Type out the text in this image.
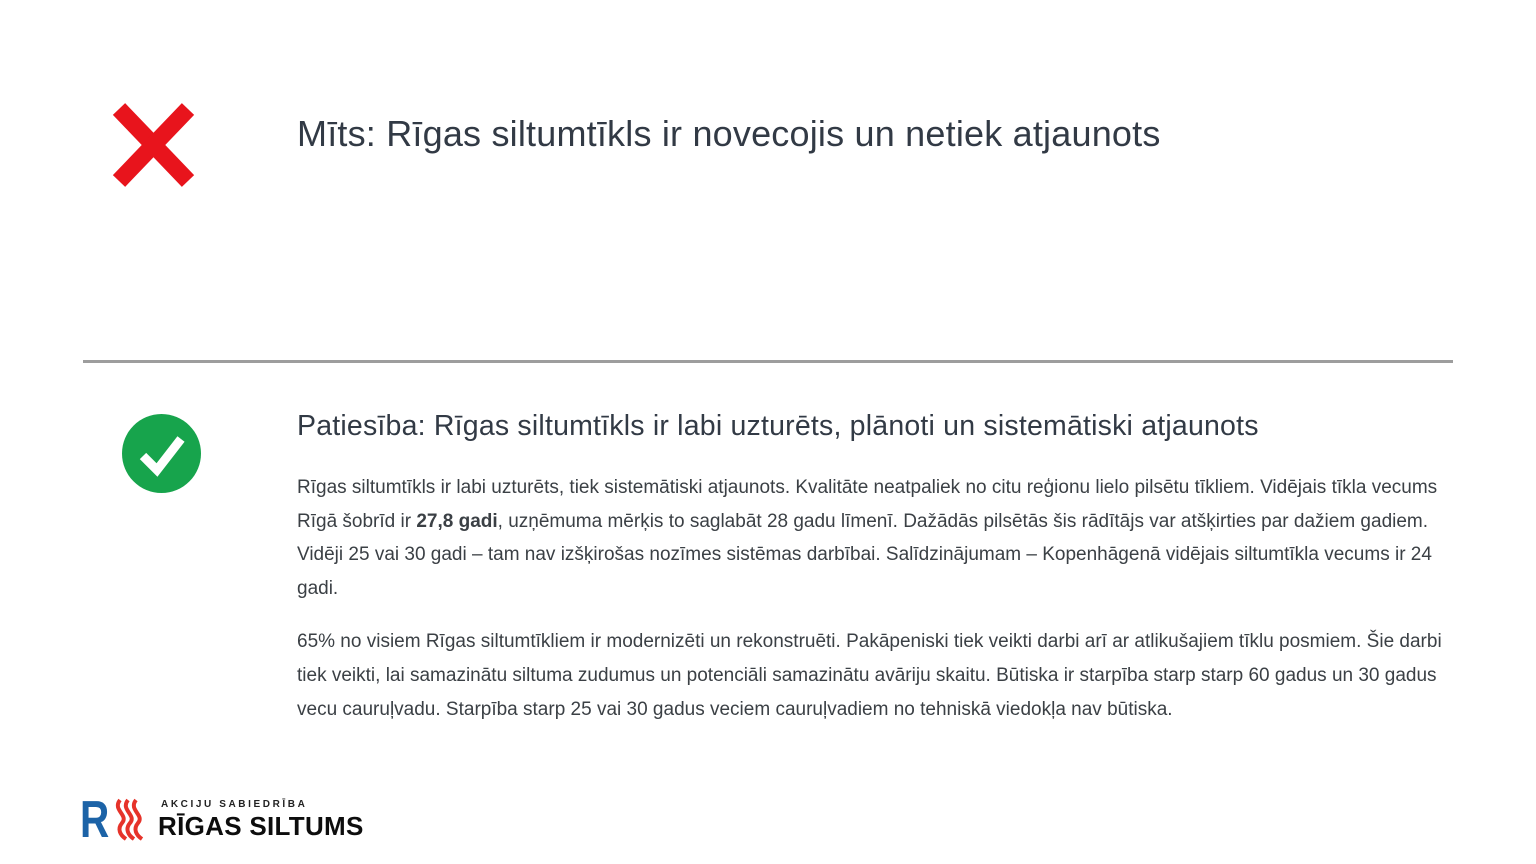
Mīts: Rīgas siltumtīkls ir novecojis un netiek atjaunots
Patiesība: Rīgas siltumtīkls ir labi uzturēts, plānoti un sistemātiski atjaunots

Rīgas siltumtīkls ir labi uzturēts, tiek sistemātiski atjaunots. Kvalitāte neatpaliek no citu reģionu lielo pilsētu tīkliem. Vidējais tīkla vecums Rīgā šobrīd ir 27,8 gadi, uzņēmuma mērķis to saglabāt 28 gadu līmenī. Dažādās pilsētās šis rādītājs var atšķirties par dažiem gadiem. Vidēji 25 vai 30 gadi – tam nav izšķirošas nozīmes sistēmas darbībai. Salīdzinājumam – Kopenhāgenā vidējais siltumtīkla vecums ir 24 gadi.

65% no visiem Rīgas siltumtīkliem ir modernizēti un rekonstruēti. Pakāpeniski tiek veikti darbi arī ar atlikušajiem tīklu posmiem. Šie darbi tiek veikti, lai samazinātu siltuma zudumus un potenciāli samazinātu avāriju skaitu. Būtiska ir starpība starp starp 60 gadus un 30 gadus vecu cauruļvadu. Starpība starp 25 vai 30 gadus veciem cauruļvadiem no tehniskā viedokļa nav būtiska.

R	AKCIJU SABIEDRĪBA
RĪGAS SILTUMS
